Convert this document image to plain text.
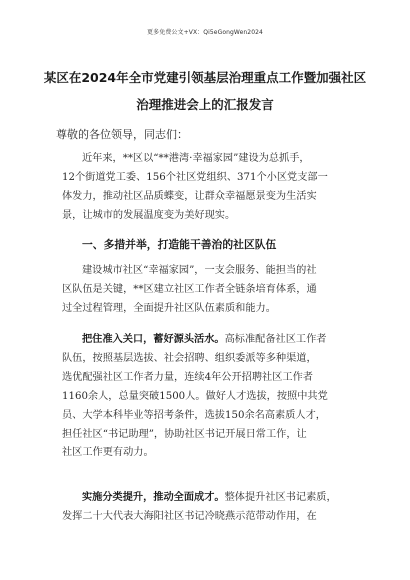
更多免费公文+VX：Qi5eGongWen2024
某区在2024年全市党建引领基层治理重点工作暨加强社区
治理推进会上的汇报发言
尊敬的各位领导，同志们：

近年来，**区以“**港湾·幸福家园”建设为总抓手，
12个街道党工委、156个社区党组织、371个小区党支部一
体发力，推动社区品质蝶变，让群众幸福愿景变为生活实
景，让城市的发展温度变为美好现实。

一、多措并举，打造能干善治的社区队伍

建设城市社区“幸福家园”，一支会服务、能担当的社
区队伍是关键，**区建立社区工作者全链条培育体系，通
过全过程管理，全面提升社区队伍素质和能力。

把住准入关口，蓄好源头活水。高标准配备社区工作者
队伍，按照基层选拔、社会招聘、组织委派等多种渠道，
选优配强社区工作者力量，连续4年公开招聘社区工作者
1160余人，总量突破1500人。做好人才选拔，按照中共党
员、大学本科毕业等招考条件，选拔150余名高素质人才，
担任社区“书记助理”，协助社区书记开展日常工作，让
社区工作更有动力。

实施分类提升，推动全面成才。整体提升社区书记素质，
发挥二十大代表大海阳社区书记冷晓燕示范带动作用，在
